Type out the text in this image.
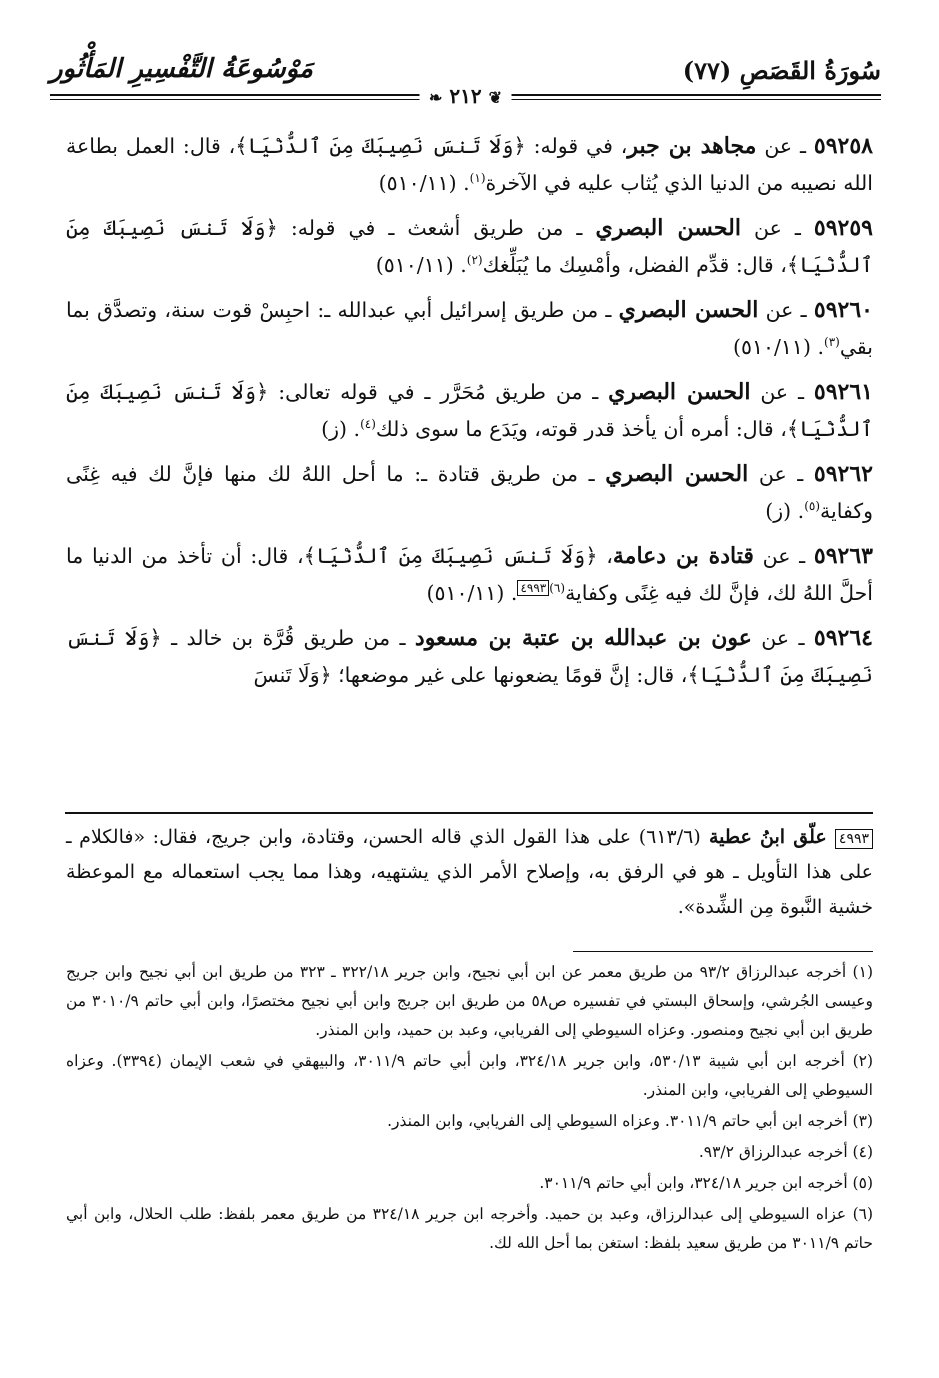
سُورَةُ القَصَصِ (٧٧)
مَوْسُوعَةُ التَّفْسِيرِ المَأْثُور
❦ ٢١٢ ❧
٥٩٢٥٨ ـ عن مجاهد بن جبر، في قوله: ﴿وَلَا تَنسَ نَصِيبَكَ مِنَ ٱلدُّنْيَا﴾، قال: العمل بطاعة الله نصيبه من الدنيا الذي يُثاب عليه في الآخرة$^{(١)}$. (٥١٠/١١)
٥٩٢٥٩ ـ عن الحسن البصري ـ من طريق أشعث ـ في قوله: ﴿وَلَا تَنسَ نَصِيبَكَ مِنَ ٱلدُّنْيَا﴾، قال: قدِّم الفضل، وأمْسِك ما يُبَلِّغك$^{(٢)}$. (٥١٠/١١)
٥٩٢٦٠ ـ عن الحسن البصري ـ من طريق إسرائيل أبي عبدالله ـ: احبِسْ قوت سنة، وتصدَّق بما بقي$^{(٣)}$. (٥١٠/١١)
٥٩٢٦١ ـ عن الحسن البصري ـ من طريق مُحَرَّر ـ في قوله تعالى: ﴿وَلَا تَنسَ نَصِيبَكَ مِنَ ٱلدُّنْيَا﴾، قال: أمره أن يأخذ قدر قوته، ويَدَع ما سوى ذلك$^{(٤)}$. (ز)
٥٩٢٦٢ ـ عن الحسن البصري ـ من طريق قتادة ـ: ما أحل اللهُ لك منها فإنَّ لك فيه غِنًى وكفاية$^{(٥)}$. (ز)
٥٩٢٦٣ ـ عن قتادة بن دعامة، ﴿وَلَا تَنسَ نَصِيبَكَ مِنَ ٱلدُّنْيَا﴾، قال: أن تأخذ من الدنيا ما أحلَّ اللهُ لك، فإنَّ لك فيه غِنًى وكفاية$^{(٦)}$٤٩٩٣. (٥١٠/١١)
٥٩٢٦٤ ـ عن عون بن عبدالله بن عتبة بن مسعود ـ من طريق قُرَّة بن خالد ـ ﴿وَلَا تَنسَ نَصِيبَكَ مِنَ ٱلدُّنْيَا﴾، قال: إنَّ قومًا يضعونها على غير موضعها؛ ﴿وَلَا تَنسَ
٤٩٩٣ علّق ابنُ عطية (٦١٣/٦) على هذا القول الذي قاله الحسن، وقتادة، وابن جريج، فقال: «فالكلام ـ على هذا التأويل ـ هو في الرفق به، وإصلاح الأمر الذي يشتهيه، وهذا مما يجب استعماله مع الموعظة خشية النَّبوة مِن الشِّدة».
(١) أخرجه عبدالرزاق ٩٣/٢ من طريق معمر عن ابن أبي نجيح، وابن جرير ٣٢٢/١٨ ـ ٣٢٣ من طريق ابن أبي نجيح وابن جريج وعيسى الجُرشي، وإسحاق البستي في تفسيره ص٥٨ من طريق ابن جريج وابن أبي نجيح مختصرًا، وابن أبي حاتم ٣٠١٠/٩ من طريق ابن أبي نجيح ومنصور. وعزاه السيوطي إلى الفريابي، وعبد بن حميد، وابن المنذر.
(٢) أخرجه ابن أبي شيبة ٥٣٠/١٣، وابن جرير ٣٢٤/١٨، وابن أبي حاتم ٣٠١١/٩، والبيهقي في شعب الإيمان (٣٣٩٤). وعزاه السيوطي إلى الفريابي، وابن المنذر.
(٣) أخرجه ابن أبي حاتم ٣٠١١/٩. وعزاه السيوطي إلى الفريابي، وابن المنذر.
(٤) أخرجه عبدالرزاق ٩٣/٢.
(٥) أخرجه ابن جرير ٣٢٤/١٨، وابن أبي حاتم ٣٠١١/٩.
(٦) عزاه السيوطي إلى عبدالرزاق، وعبد بن حميد. وأخرجه ابن جرير ٣٢٤/١٨ من طريق معمر بلفظ: طلب الحلال، وابن أبي حاتم ٣٠١١/٩ من طريق سعيد بلفظ: استغن بما أحل الله لك.
